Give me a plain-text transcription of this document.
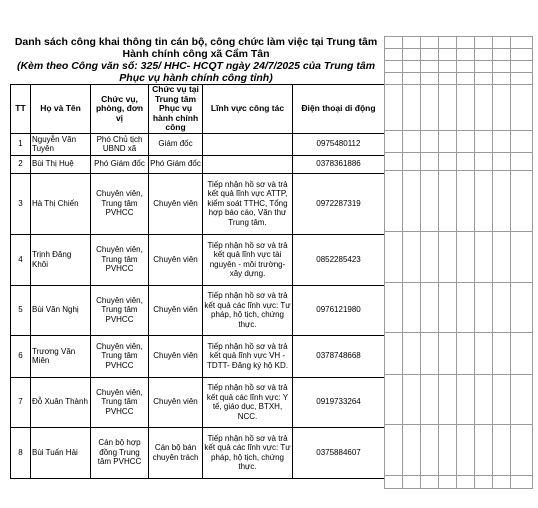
Danh sách công khai thông tin cán bộ, công chức làm việc tại Trung tâm Hành chính công xã Cẩm Tân
(Kèm theo Công văn số: 325/ HHC- HCQT ngày 24/7/2025 của Trung tâm Phục vụ hành chính công tỉnh)
TT	Họ và Tên	Chức vụ, phòng, đơn vị	Chức vụ tại Trung tâm Phục vụ hành chính công	Lĩnh vực công tác	Điện thoại di động
1	Nguyễn Văn Tuyên	Phó Chủ tịch UBND xã	Giám đốc		0975480112
2	Bùi Thị Huệ	Phó Giám đốc	Phó Giám đốc		0378361886
3	Hà Thị Chiến	Chuyên viên, Trung tâm PVHCC	Chuyên viên	Tiếp nhận hồ sơ và trả kết quả lĩnh vực ATTP, kiểm soát TTHC, Tổng hợp báo cáo, Văn thư Trung tâm.	0972287319
4	Trịnh Đăng Khôi	Chuyên viên, Trung tâm PVHCC	Chuyên viên	Tiếp nhận hồ sơ và trả kết quả lĩnh vực tài nguyên - môi trường- xây dựng.	0852285423
5	Bùi Văn Nghị	Chuyên viên, Trung tâm PVHCC	Chuyên viên	Tiếp nhận hồ sơ và trả kết quả các lĩnh vực: Tư pháp, hộ tịch, chứng thực.	0976121980
6	Trương Văn Miên	Chuyên viên, Trung tâm PVHCC	Chuyên viên	Tiếp nhận hồ sơ và trả kết quả lĩnh vực VH - TDTT- Đăng ký hộ KD.	0378748668
7	Đỗ Xuân Thành	Chuyên viên, Trung tâm PVHCC	Chuyên viên	Tiếp nhận hồ sơ và trả kết quả các lĩnh vực: Y tế, giáo dục, BTXH, NCC.	0919733264
8	Bùi Tuấn Hải	Cán bộ hợp đồng Trung tâm PVHCC	Cán bộ bán chuyên trách	Tiếp nhận hồ sơ và trả kết quả các lĩnh vực: Tư pháp, hộ tịch, chứng thực.	0375884607
